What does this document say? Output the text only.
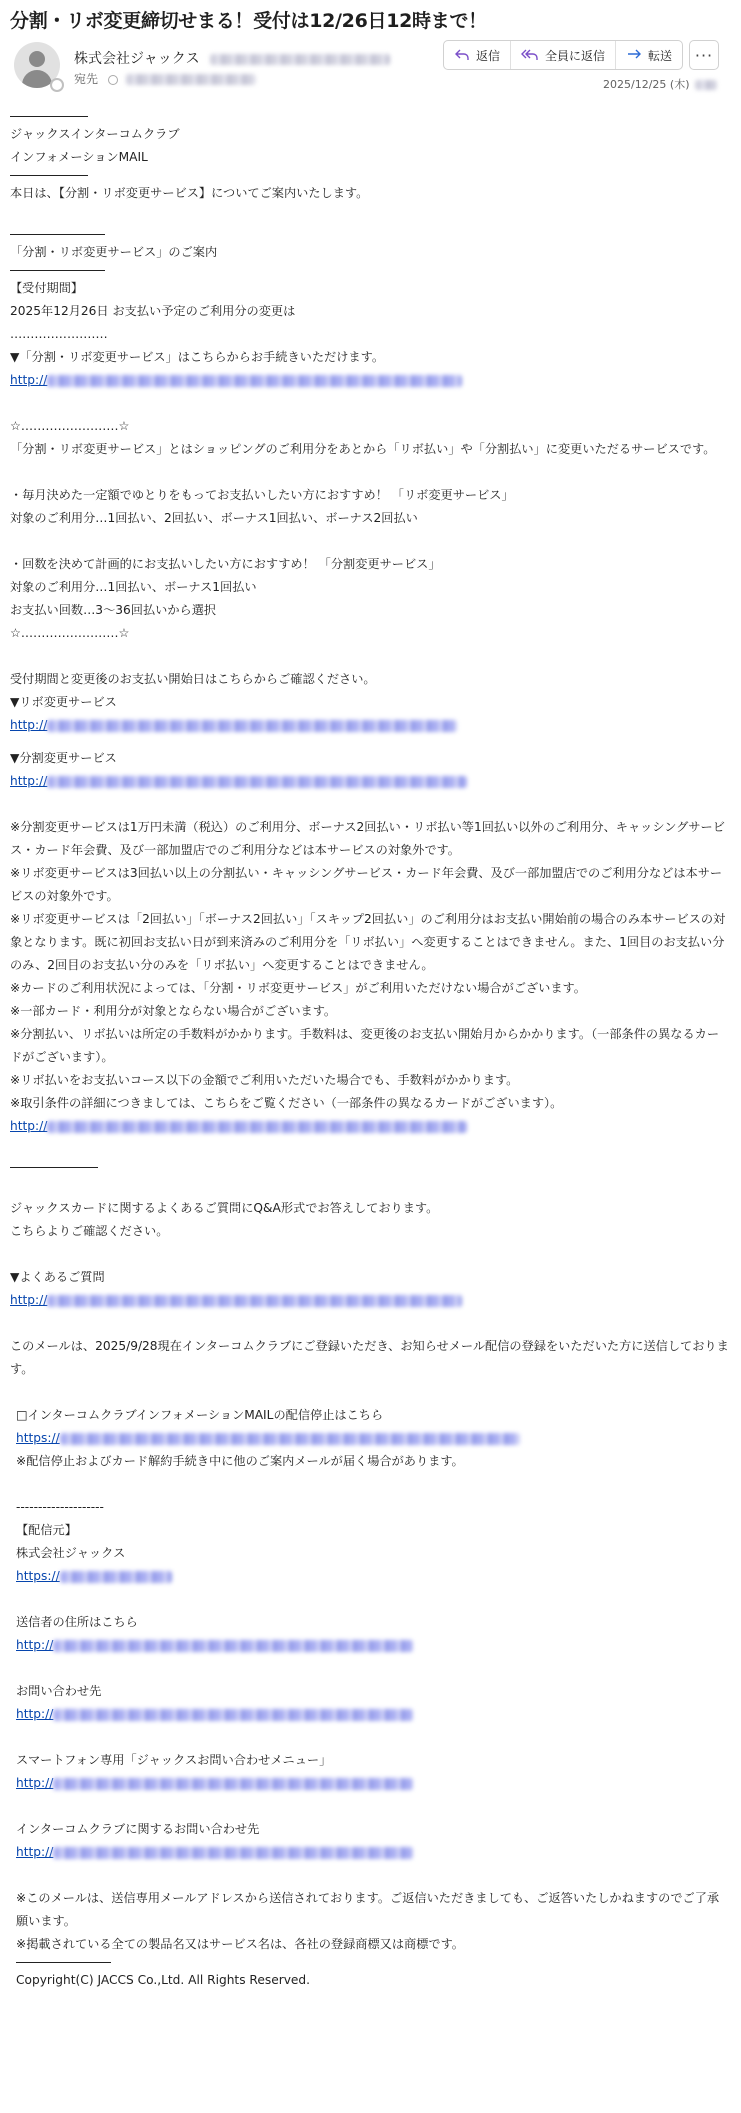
分割・リボ変更締切せまる！受付は12/26日12時まで！
株式会社ジャックス
宛先
返信	全員に返信	転送 ···
2025/12/25 (木)
ジャックスインターコムクラブ
インフォメーションMAIL
本日は、【分割・リボ変更サービス】についてご案内いたします。
「分割・リボ変更サービス」のご案内
【受付期間】
2025年12月26日 お支払い予定のご利用分の変更は
‥‥‥‥‥‥‥‥‥‥‥‥
▼「分割・リボ変更サービス」はこちらからお手続きいただけます。
http://
☆‥‥‥‥‥‥‥‥‥‥‥‥☆
「分割・リボ変更サービス」とはショッピングのご利用分をあとから「リボ払い」や「分割払い」に変更いただるサービスです。
・毎月決めた一定額でゆとりをもってお支払いしたい方におすすめ！ 「リボ変更サービス」
対象のご利用分…1回払い、2回払い、ボーナス1回払い、ボーナス2回払い
・回数を決めて計画的にお支払いしたい方におすすめ！ 「分割変更サービス」
対象のご利用分…1回払い、ボーナス1回払い
お支払い回数…3～36回払いから選択
☆‥‥‥‥‥‥‥‥‥‥‥‥☆
受付期間と変更後のお支払い開始日はこちらからご確認ください。
▼リボ変更サービス
http://
▼分割変更サービス
http://
※分割変更サービスは1万円未満（税込）のご利用分、ボーナス2回払い・リボ払い等1回払い以外のご利用分、キャッシングサービス・カード年会費、及び一部加盟店でのご利用分などは本サービスの対象外です。
※リボ変更サービスは3回払い以上の分割払い・キャッシングサービス・カード年会費、及び一部加盟店でのご利用分などは本サービスの対象外です。
※リボ変更サービスは「2回払い」「ボーナス2回払い」「スキップ2回払い」のご利用分はお支払い開始前の場合のみ本サービスの対象となります。既に初回お支払い日が到来済みのご利用分を「リボ払い」へ変更することはできません。また、1回目のお支払い分のみ、2回目のお支払い分のみを「リボ払い」へ変更することはできません。
※カードのご利用状況によっては、「分割・リボ変更サービス」がご利用いただけない場合がございます。
※一部カード・利用分が対象とならない場合がございます。
※分割払い、リボ払いは所定の手数料がかかります。手数料は、変更後のお支払い開始月からかかります。（一部条件の異なるカードがございます）。
※リボ払いをお支払いコース以下の金額でご利用いただいた場合でも、手数料がかかります。
※取引条件の詳細につきましては、こちらをご覧ください（一部条件の異なるカードがございます）。
http://
ジャックスカードに関するよくあるご質問にQ&A形式でお答えしております。
こちらよりご確認ください。
▼よくあるご質問
http://
このメールは、2025/9/28現在インターコムクラブにご登録いただき、お知らせメール配信の登録をいただいた方に送信しております。
□インターコムクラブインフォメーションMAILの配信停止はこちら
https://
※配信停止およびカード解約手続き中に他のご案内メールが届く場合があります。
--------------------
【配信元】
株式会社ジャックス
https://
送信者の住所はこちら
http://
お問い合わせ先
http://
スマートフォン専用「ジャックスお問い合わせメニュー」
http://
インターコムクラブに関するお問い合わせ先
http://
※このメールは、送信専用メールアドレスから送信されております。ご返信いただきましても、ご返答いたしかねますのでご了承願います。
※掲載されている全ての製品名又はサービス名は、各社の登録商標又は商標です。
Copyright(C) JACCS Co.,Ltd. All Rights Reserved.
